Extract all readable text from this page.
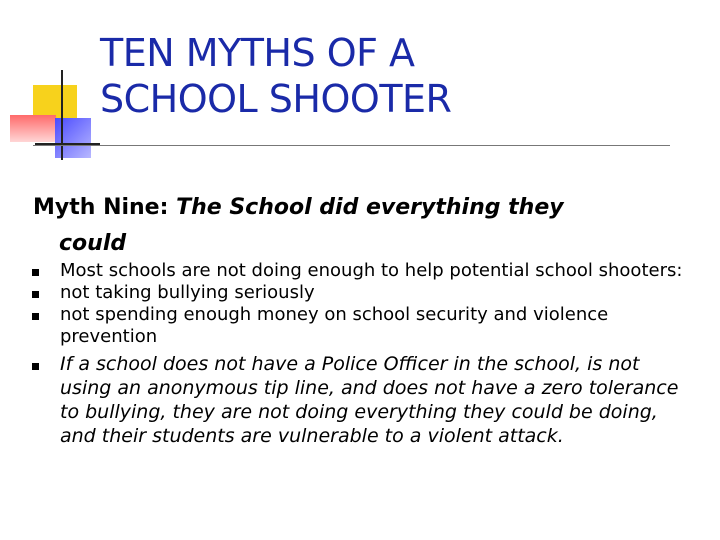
TEN MYTHS OF A
SCHOOL SHOOTER
Myth Nine: The School did everything they
could
Most schools are not doing enough to help potential school shooters:
not taking bullying seriously
not spending enough money on school security and violence prevention
If a school does not have a Police Officer in the school, is not using an anonymous tip line, and does not have a zero tolerance to bullying, they are not doing everything they could be doing, and their students are vulnerable to a violent attack.
